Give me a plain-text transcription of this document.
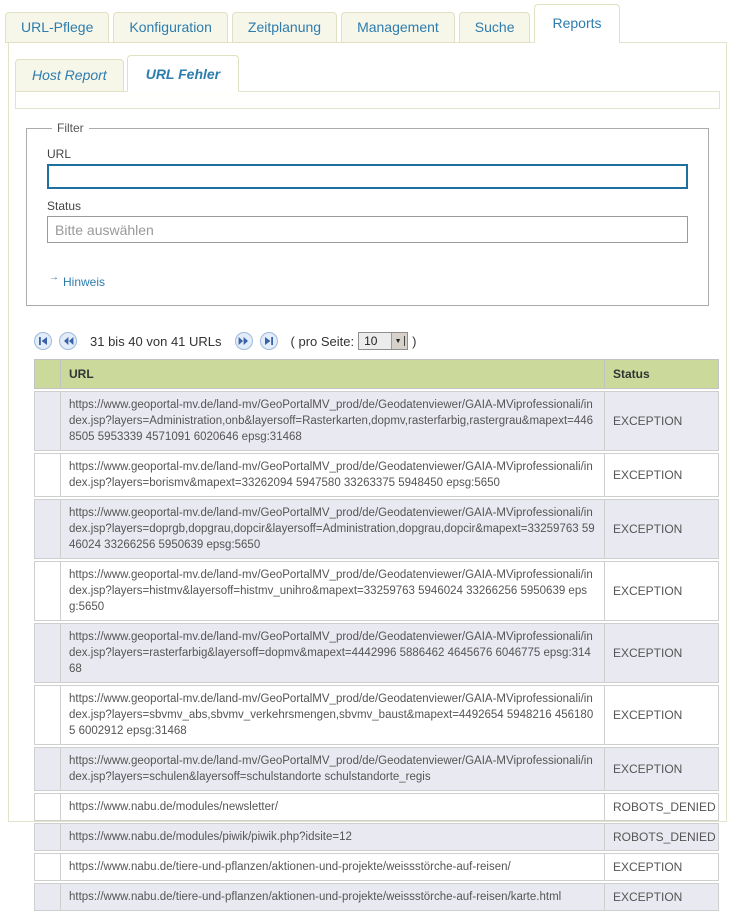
URL-Pflege	Konfiguration	Zeitplanung	Management	Suche	Reports
Host Report	URL Fehler
Filter
URL
Status
Bitte auswählen

→ Hinweis
31 bis 40 von 41 URLs	( pro Seite: 10	▼ )
	URL	Status
	https://www.geoportal-mv.de/land-mv/GeoPortalMV_prod/de/Geodatenviewer/GAIA-MViprofessionali/index.jsp?layers=Administration,onb&layersoff=Rasterkarten,dopmv,rasterfarbig,rastergrau&mapext=4468505 5953339 4571091 6020646 epsg:31468	EXCEPTION
	https://www.geoportal-mv.de/land-mv/GeoPortalMV_prod/de/Geodatenviewer/GAIA-MViprofessionali/index.jsp?layers=borismv&mapext=33262094 5947580 33263375 5948450 epsg:5650	EXCEPTION
	https://www.geoportal-mv.de/land-mv/GeoPortalMV_prod/de/Geodatenviewer/GAIA-MViprofessionali/index.jsp?layers=doprgb,dopgrau,dopcir&layersoff=Administration,dopgrau,dopcir&mapext=33259763 5946024 33266256 5950639 epsg:5650	EXCEPTION
	https://www.geoportal-mv.de/land-mv/GeoPortalMV_prod/de/Geodatenviewer/GAIA-MViprofessionali/index.jsp?layers=histmv&layersoff=histmv_unihro&mapext=33259763 5946024 33266256 5950639 epsg:5650	EXCEPTION
	https://www.geoportal-mv.de/land-mv/GeoPortalMV_prod/de/Geodatenviewer/GAIA-MViprofessionali/index.jsp?layers=rasterfarbig&layersoff=dopmv&mapext=4442996 5886462 4645676 6046775 epsg:31468	EXCEPTION
	https://www.geoportal-mv.de/land-mv/GeoPortalMV_prod/de/Geodatenviewer/GAIA-MViprofessionali/index.jsp?layers=sbvmv_abs,sbvmv_verkehrsmengen,sbvmv_baust&mapext=4492654 5948216 4561805 6002912 epsg:31468	EXCEPTION
	https://www.geoportal-mv.de/land-mv/GeoPortalMV_prod/de/Geodatenviewer/GAIA-MViprofessionali/index.jsp?layers=schulen&layersoff=schulstandorte schulstandorte_regis	EXCEPTION
	https://www.nabu.de/modules/newsletter/	ROBOTS_DENIED
	https://www.nabu.de/modules/piwik/piwik.php?idsite=12	ROBOTS_DENIED
	https://www.nabu.de/tiere-und-pflanzen/aktionen-und-projekte/weissstörche-auf-reisen/	EXCEPTION
	https://www.nabu.de/tiere-und-pflanzen/aktionen-und-projekte/weissstörche-auf-reisen/karte.html	EXCEPTION
